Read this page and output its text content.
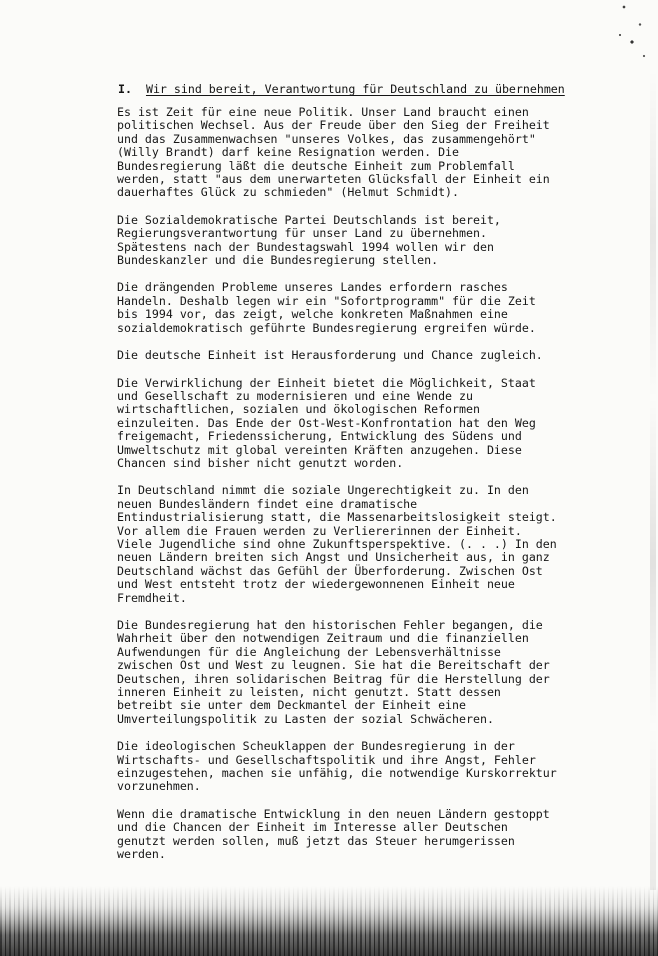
I. Wir sind bereit, Verantwortung für Deutschland zu übernehmen

Es ist Zeit für eine neue Politik. Unser Land braucht einen
politischen Wechsel. Aus der Freude über den Sieg der Freiheit
und das Zusammenwachsen "unseres Volkes, das zusammengehört"
(Willy Brandt) darf keine Resignation werden. Die
Bundesregierung läßt die deutsche Einheit zum Problemfall
werden, statt "aus dem unerwarteten Glücksfall der Einheit ein
dauerhaftes Glück zu schmieden" (Helmut Schmidt).

Die Sozialdemokratische Partei Deutschlands ist bereit,
Regierungsverantwortung für unser Land zu übernehmen.
Spätestens nach der Bundestagswahl 1994 wollen wir den
Bundeskanzler und die Bundesregierung stellen.

Die drängenden Probleme unseres Landes erfordern rasches
Handeln. Deshalb legen wir ein "Sofortprogramm" für die Zeit
bis 1994 vor, das zeigt, welche konkreten Maßnahmen eine
sozialdemokratisch geführte Bundesregierung ergreifen würde.

Die deutsche Einheit ist Herausforderung und Chance zugleich.

Die Verwirklichung der Einheit bietet die Möglichkeit, Staat
und Gesellschaft zu modernisieren und eine Wende zu
wirtschaftlichen, sozialen und ökologischen Reformen
einzuleiten. Das Ende der Ost-West-Konfrontation hat den Weg
freigemacht, Friedenssicherung, Entwicklung des Südens und
Umweltschutz mit global vereinten Kräften anzugehen. Diese
Chancen sind bisher nicht genutzt worden.

In Deutschland nimmt die soziale Ungerechtigkeit zu. In den
neuen Bundesländern findet eine dramatische
Entindustrialisierung statt, die Massenarbeitslosigkeit steigt.
Vor allem die Frauen werden zu Verliererinnen der Einheit.
Viele Jugendliche sind ohne Zukunftsperspektive. (. . .) In den
neuen Ländern breiten sich Angst und Unsicherheit aus, in ganz
Deutschland wächst das Gefühl der Überforderung. Zwischen Ost
und West entsteht trotz der wiedergewonnenen Einheit neue
Fremdheit.

Die Bundesregierung hat den historischen Fehler begangen, die
Wahrheit über den notwendigen Zeitraum und die finanziellen
Aufwendungen für die Angleichung der Lebensverhältnisse
zwischen Ost und West zu leugnen. Sie hat die Bereitschaft der
Deutschen, ihren solidarischen Beitrag für die Herstellung der
inneren Einheit zu leisten, nicht genutzt. Statt dessen
betreibt sie unter dem Deckmantel der Einheit eine
Umverteilungspolitik zu Lasten der sozial Schwächeren.

Die ideologischen Scheuklappen der Bundesregierung in der
Wirtschafts- und Gesellschaftspolitik und ihre Angst, Fehler
einzugestehen, machen sie unfähig, die notwendige Kurskorrektur
vorzunehmen.

Wenn die dramatische Entwicklung in den neuen Ländern gestoppt
und die Chancen der Einheit im Interesse aller Deutschen
genutzt werden sollen, muß jetzt das Steuer herumgerissen
werden.
